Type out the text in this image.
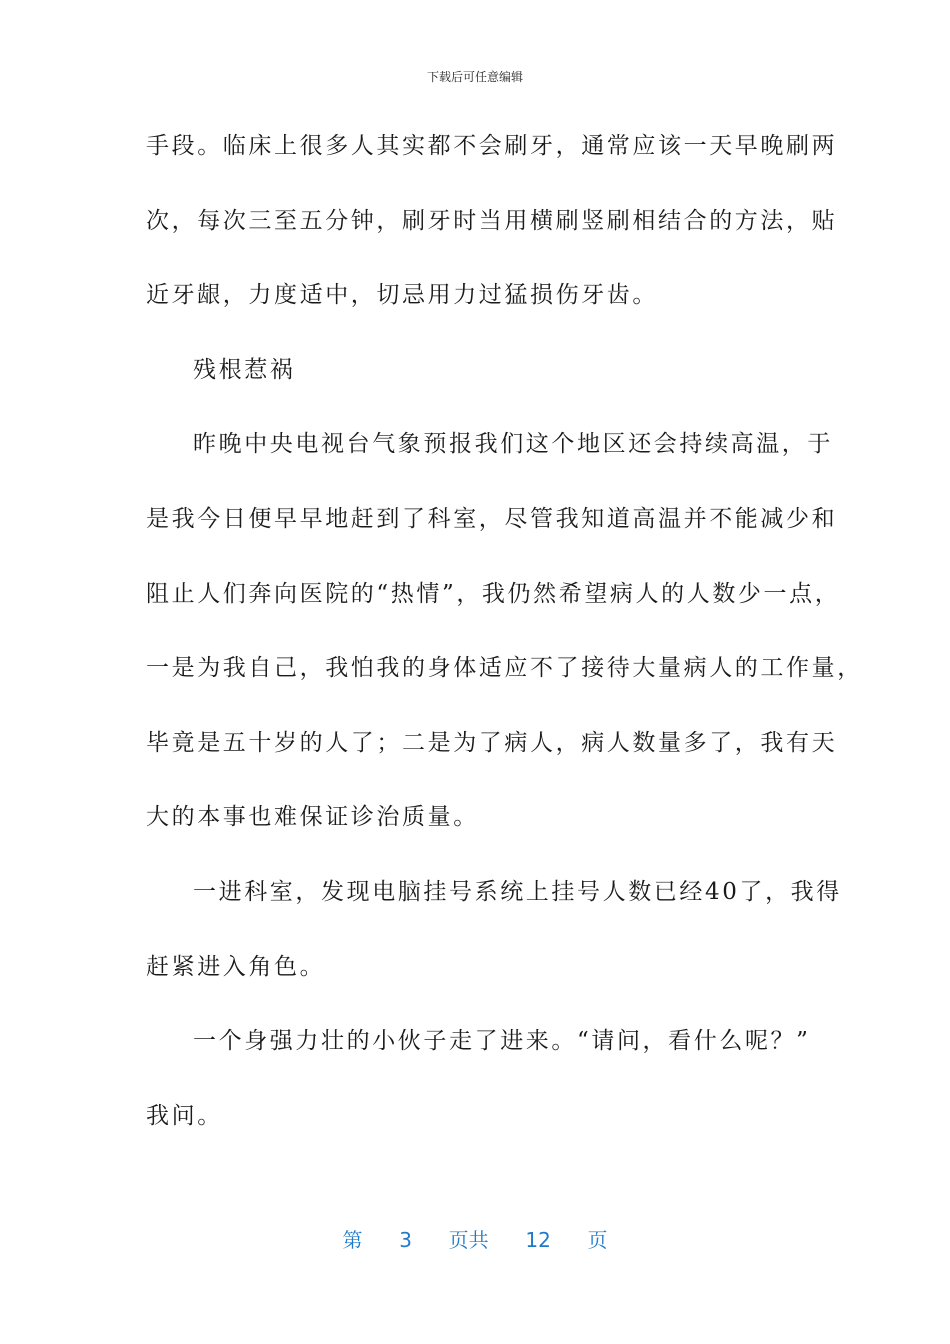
下载后可任意编辑
手段。临床上很多人其实都不会刷牙，通常应该一天早晚刷两
次，每次三至五分钟，刷牙时当用横刷竖刷相结合的方法，贴
近牙龈，力度适中，切忌用力过猛损伤牙齿。
残根惹祸
昨晚中央电视台气象预报我们这个地区还会持续高温，于
是我今日便早早地赶到了科室，尽管我知道高温并不能减少和
阻止人们奔向医院的“热情”，我仍然希望病人的人数少一点，
一是为我自己，我怕我的身体适应不了接待大量病人的工作量，
毕竟是五十岁的人了；二是为了病人，病人数量多了，我有天
大的本事也难保证诊治质量。
一进科室，发现电脑挂号系统上挂号人数已经40了，我得
赶紧进入角色。
一个身强力壮的小伙子走了进来。“请问，看什么呢？”
我问。
第 3 页共 12 页
